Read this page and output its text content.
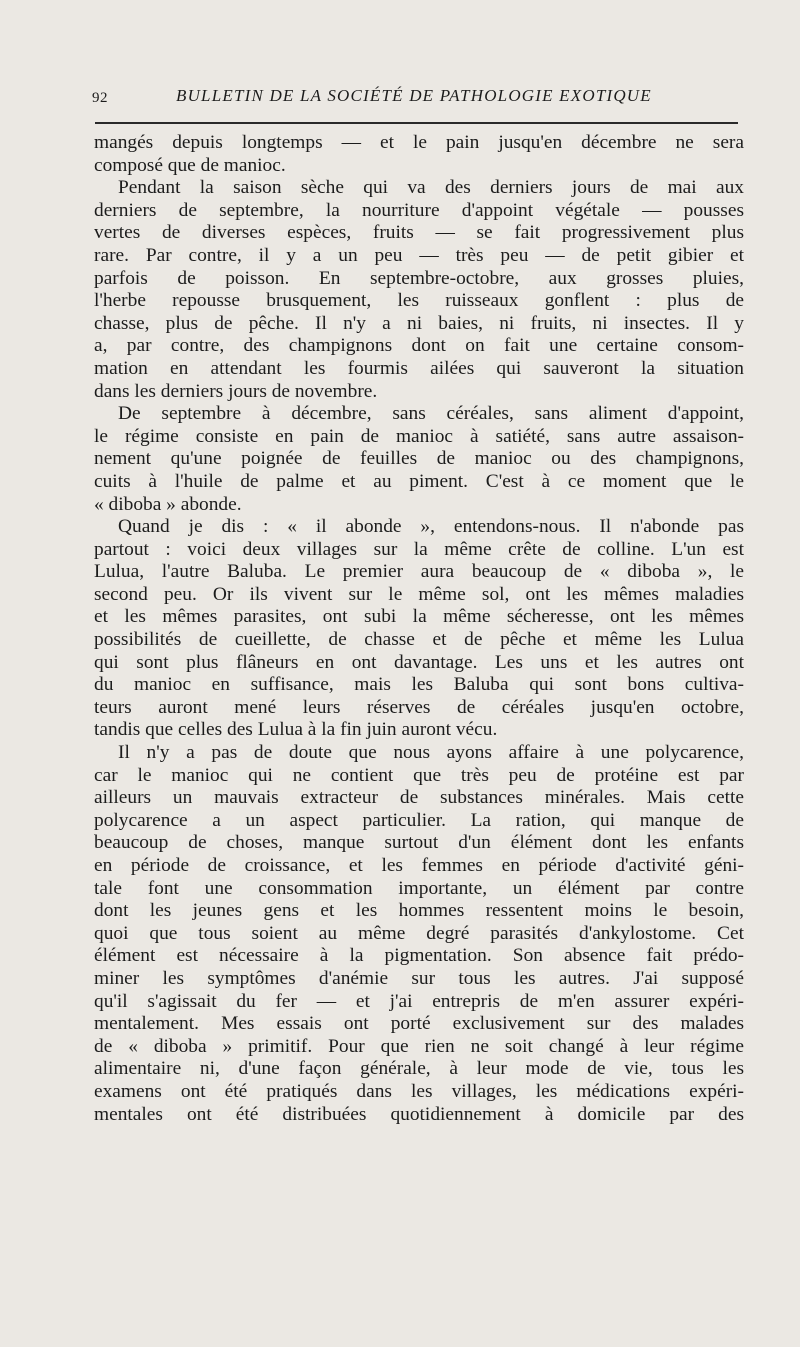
92	BULLETIN DE LA SOCIÉTÉ DE PATHOLOGIE EXOTIQUE
mangés depuis longtemps — et le pain jusqu'en décembre ne sera
composé que de manioc.
Pendant la saison sèche qui va des derniers jours de mai aux
derniers de septembre, la nourriture d'appoint végétale — pousses
vertes de diverses espèces, fruits — se fait progressivement plus
rare. Par contre, il y a un peu — très peu — de petit gibier et
parfois de poisson. En septembre-octobre, aux grosses pluies,
l'herbe repousse brusquement, les ruisseaux gonflent : plus de
chasse, plus de pêche. Il n'y a ni baies, ni fruits, ni insectes. Il y
a, par contre, des champignons dont on fait une certaine consom-
mation en attendant les fourmis ailées qui sauveront la situation
dans les derniers jours de novembre.
De septembre à décembre, sans céréales, sans aliment d'appoint,
le régime consiste en pain de manioc à satiété, sans autre assaison-
nement qu'une poignée de feuilles de manioc ou des champignons,
cuits à l'huile de palme et au piment. C'est à ce moment que le
« diboba » abonde.
Quand je dis : « il abonde », entendons-nous. Il n'abonde pas
partout : voici deux villages sur la même crête de colline. L'un est
Lulua, l'autre Baluba. Le premier aura beaucoup de « diboba », le
second peu. Or ils vivent sur le même sol, ont les mêmes maladies
et les mêmes parasites, ont subi la même sécheresse, ont les mêmes
possibilités de cueillette, de chasse et de pêche et même les Lulua
qui sont plus flâneurs en ont davantage. Les uns et les autres ont
du manioc en suffisance, mais les Baluba qui sont bons cultiva-
teurs auront mené leurs réserves de céréales jusqu'en octobre,
tandis que celles des Lulua à la fin juin auront vécu.
Il n'y a pas de doute que nous ayons affaire à une polycarence,
car le manioc qui ne contient que très peu de protéine est par
ailleurs un mauvais extracteur de substances minérales. Mais cette
polycarence a un aspect particulier. La ration, qui manque de
beaucoup de choses, manque surtout d'un élément dont les enfants
en période de croissance, et les femmes en période d'activité géni-
tale font une consommation importante, un élément par contre
dont les jeunes gens et les hommes ressentent moins le besoin,
quoi que tous soient au même degré parasités d'ankylostome. Cet
élément est nécessaire à la pigmentation. Son absence fait prédo-
miner les symptômes d'anémie sur tous les autres. J'ai supposé
qu'il s'agissait du fer — et j'ai entrepris de m'en assurer expéri-
mentalement. Mes essais ont porté exclusivement sur des malades
de « diboba » primitif. Pour que rien ne soit changé à leur régime
alimentaire ni, d'une façon générale, à leur mode de vie, tous les
examens ont été pratiqués dans les villages, les médications expéri-
mentales ont été distribuées quotidiennement à domicile par des
